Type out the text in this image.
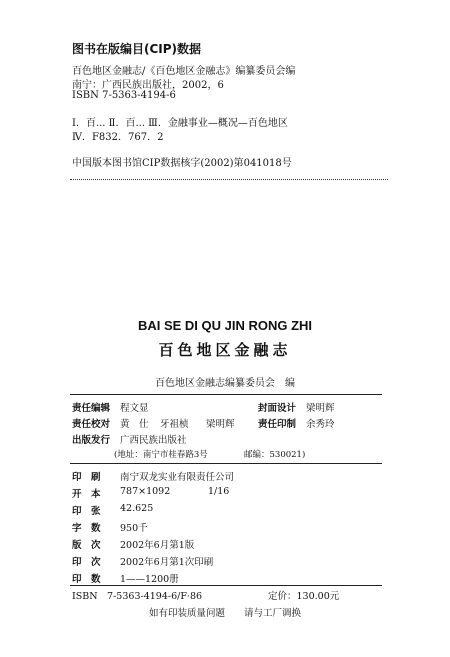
图书在版编目(CIP)数据
百色地区金融志/《百色地区金融志》编纂委员会编
南宁：广西民族出版社，2002，6
ISBN 7-5363-4194-6
Ⅰ．百... Ⅱ．百... Ⅲ．金融事业—概况—百色地区
Ⅳ．F832．767．2
中国版本图书馆CIP数据核字(2002)第041018号
BAI SE DI QU JIN RONG ZHI
百色地区金融志
百色地区金融志编纂委员会　编
责任编辑 程文显	封面设计 梁明辉
责任校对 黄　仕 牙祖桢 梁明辉 责任印制 余秀玲
出版发行 广西民族出版社
(地址：南宁市桂春路3号	邮编：530021)
印　刷 南宁双龙实业有限责任公司
开　本 787×1092	1/16
印　张 42.625
字　数 950千
版　次 2002年6月第1版
印　次 2002年6月第1次印刷
印　数 1——1200册
ISBN　7-5363-4194-6/F·86	定价：130.00元
如有印装质量问题　　请与工厂调换
